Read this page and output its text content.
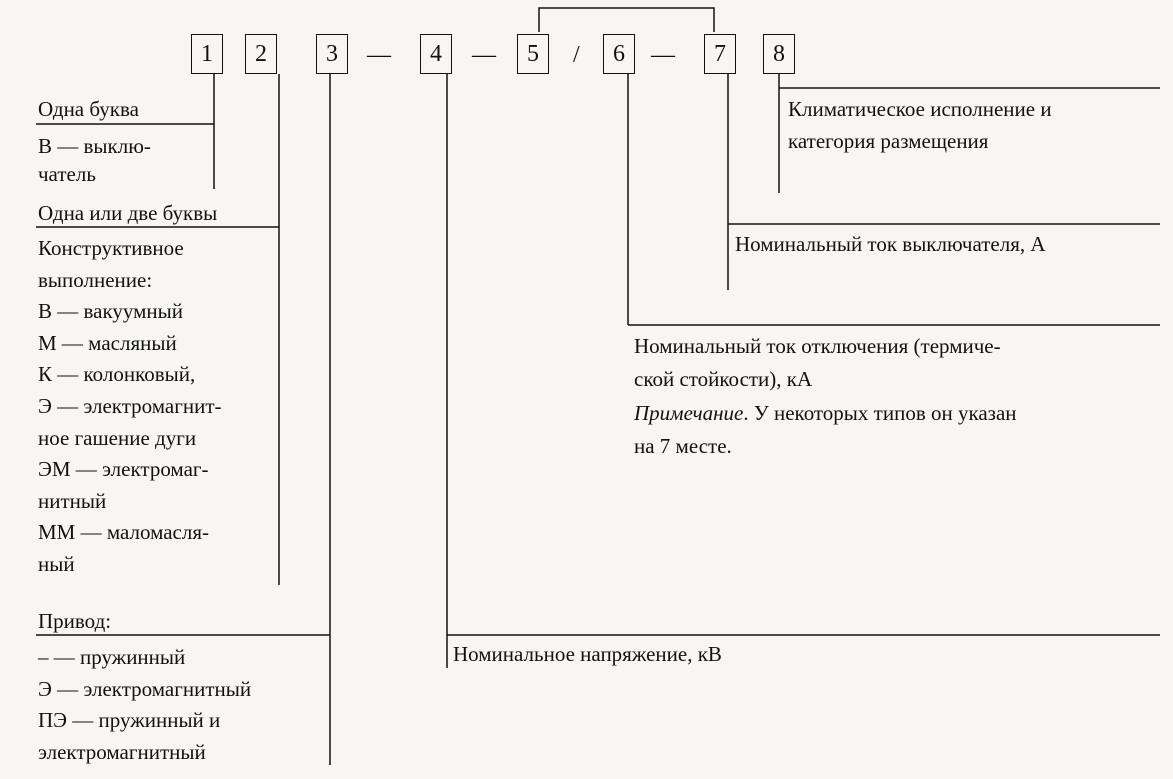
1	2	3	—	4	—	5	/	6	—	7	8
Одна буква
В — выклю-
чатель
Одна или две буквы
Конструктивное
выполнение:
В — вакуумный
М — масляный
К — колонковый,
Э — электромагнит-
ное гашение дуги
ЭМ — электромаг-
нитный
ММ — маломасля-
ный
Привод:
– — пружинный
Э — электромагнитный
ПЭ — пружинный и
электромагнитный
Номинальное напряжение, кВ
Номинальный ток отключения (термиче-
ской стойкости), кА
Примечание. У некоторых типов он указан
на 7 месте.
Номинальный ток выключателя, А
Климатическое исполнение и
категория размещения
